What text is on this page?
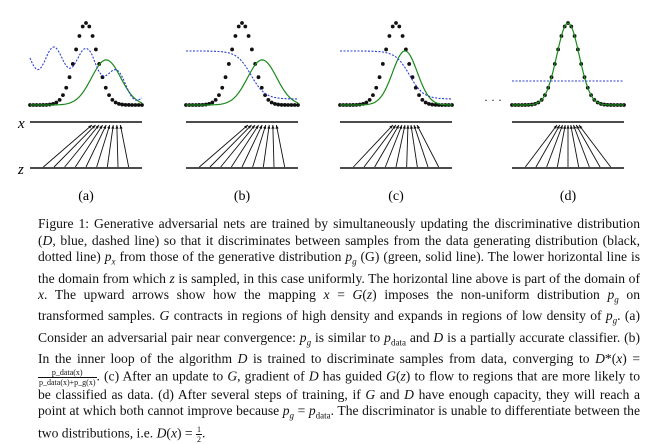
(a)	(b)	(c)	(d)
· · ·
x
z

Figure 1: Generative adversarial nets are trained by simultaneously updating the discriminative distribution (D, blue, dashed line) so that it discriminates between samples from the data generating distribution (black, dotted line) $p_x$ from those of the generative distribution $p_g$ (G) (green, solid line). The lower horizontal line is the domain from which z is sampled, in this case uniformly. The horizontal line above is part of the domain of x. The upward arrows show how the mapping x = G(z) imposes the non-uniform distribution $p_g$ on transformed samples. G contracts in regions of high density and expands in regions of low density of $p_g$. (a) Consider an adversarial pair near convergence: $p_g$ is similar to $p_{data}$ and D is a partially accurate classifier. (b) In the inner loop of the algorithm D is trained to discriminate samples from data, converging to D*(x) =
$\frac{\text{p\_data(x)}}{\text{p\_data(x)+p\_g(x)}}$ . (c) After an update to G, gradient of D has guided G(z) to flow to regions that are more likely to be classified as data. (d) After several steps of training, if G and D have enough capacity, they will reach a point at which both cannot improve because $p_g = p_{data}$. The discriminator is unable to differentiate between the two distributions, i.e. $D(x) = \frac{1}{2}$ .
